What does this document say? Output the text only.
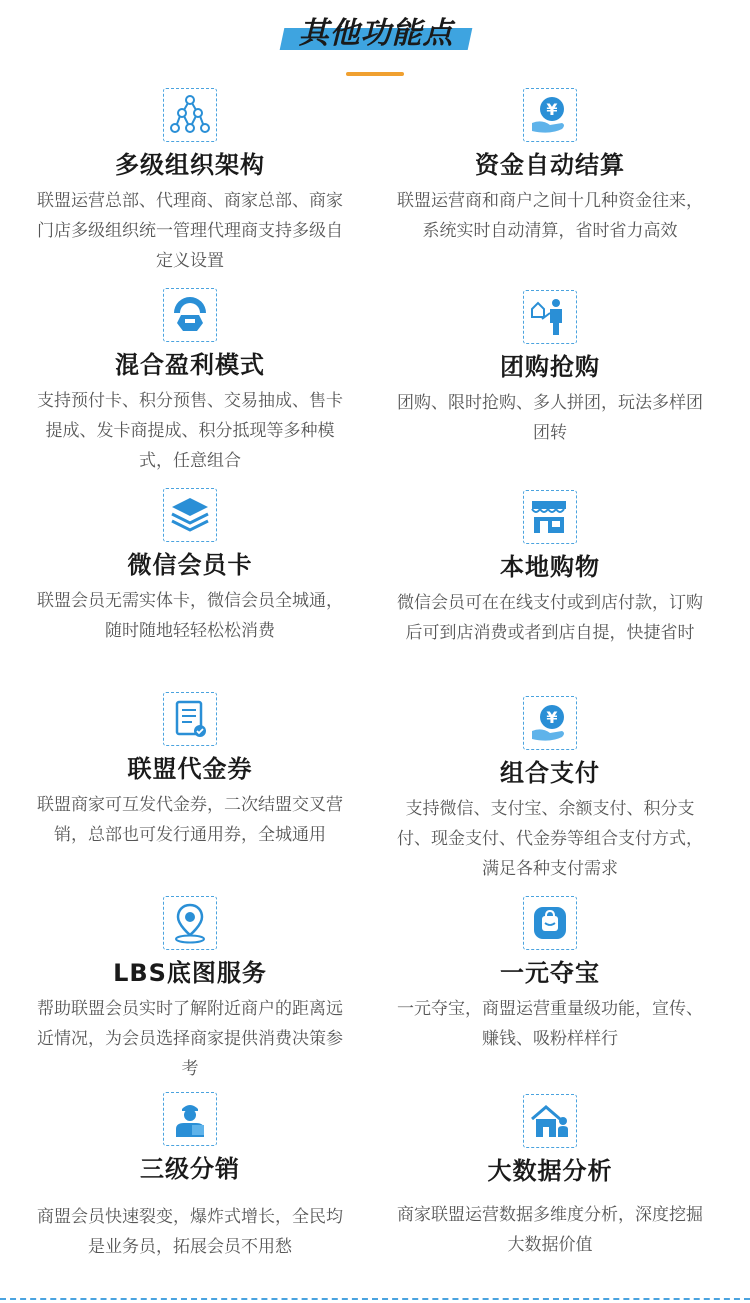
其他功能点
多级组织架构
联盟运营总部、代理商、商家总部、商家门店多级组织统一管理代理商支持多级自定义设置
¥
资金自动结算
联盟运营商和商户之间十几种资金往来，系统实时自动清算，省时省力高效
混合盈利模式
支持预付卡、积分预售、交易抽成、售卡提成、发卡商提成、积分抵现等多种模式，任意组合
团购抢购
团购、限时抢购、多人拼团，玩法多样团团转
微信会员卡
联盟会员无需实体卡，微信会员全城通，随时随地轻轻松松消费
本地购物
微信会员可在在线支付或到店付款，订购后可到店消费或者到店自提，快捷省时
联盟代金券
联盟商家可互发代金券，二次结盟交叉营销，总部也可发行通用券，全城通用
¥
组合支付
支持微信、支付宝、余额支付、积分支付、现金支付、代金券等组合支付方式，满足各种支付需求
LBS底图服务
帮助联盟会员实时了解附近商户的距离远近情况，为会员选择商家提供消费决策参考
一元夺宝
一元夺宝，商盟运营重量级功能，宣传、赚钱、吸粉样样行
三级分销
商盟会员快速裂变，爆炸式增长，全民均是业务员，拓展会员不用愁
大数据分析
商家联盟运营数据多维度分析，深度挖掘大数据价值
